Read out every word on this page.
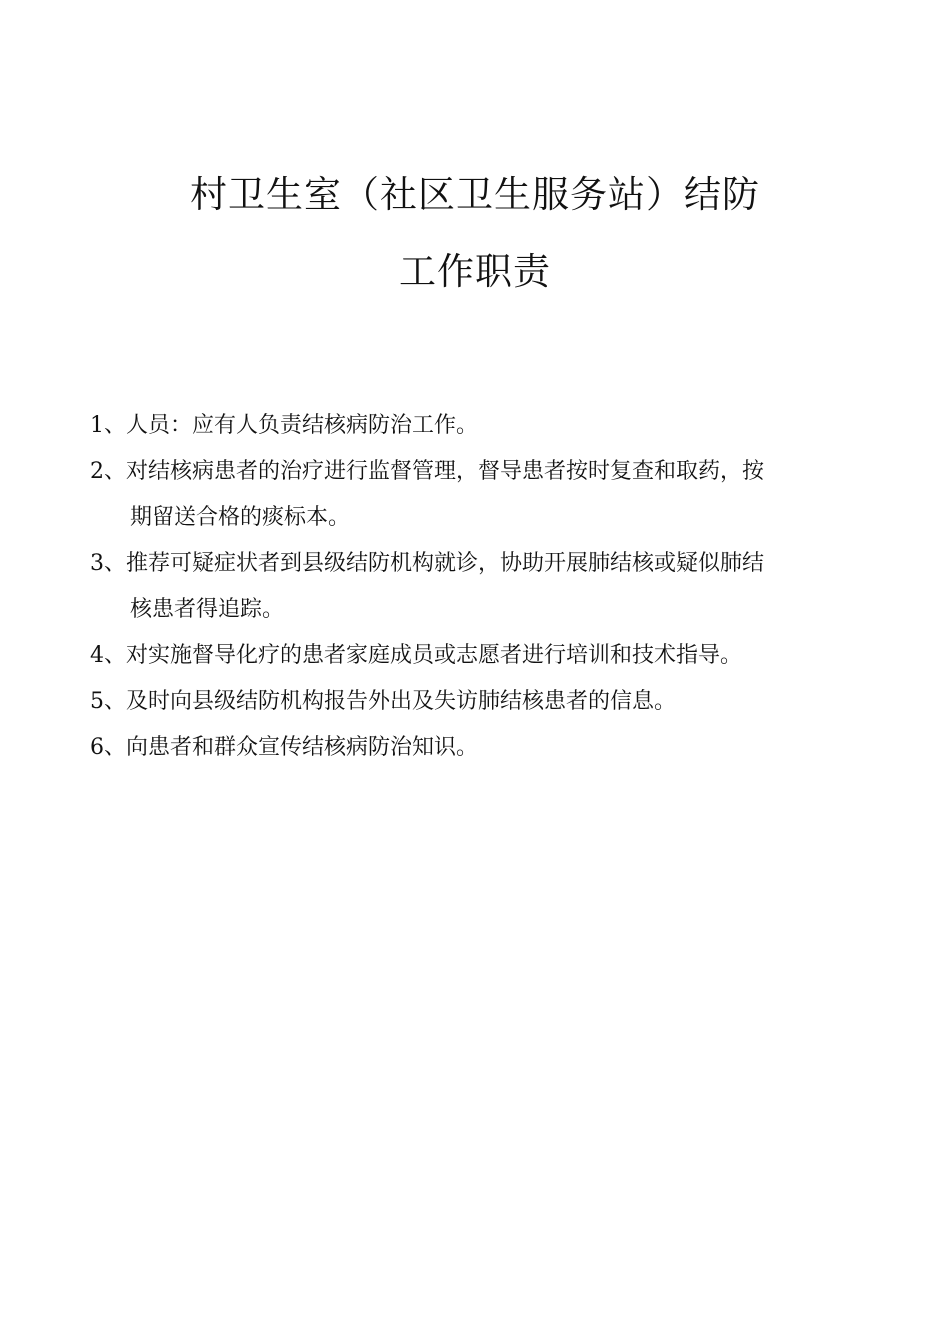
村卫生室（社区卫生服务站）结防
工作职责
1、人员：应有人负责结核病防治工作。
2、对结核病患者的治疗进行监督管理，督导患者按时复查和取药，按
期留送合格的痰标本。
3、推荐可疑症状者到县级结防机构就诊，协助开展肺结核或疑似肺结
核患者得追踪。
4、对实施督导化疗的患者家庭成员或志愿者进行培训和技术指导。
5、及时向县级结防机构报告外出及失访肺结核患者的信息。
6、向患者和群众宣传结核病防治知识。
